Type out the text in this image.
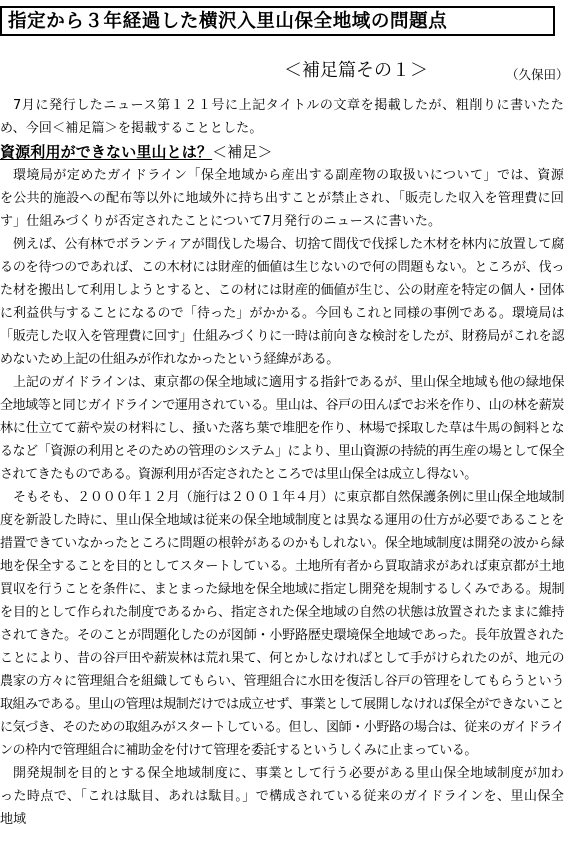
指定から３年経過した横沢入里山保全地域の問題点
＜補足篇その１＞	（久保田）

7月に発行したニュース第１２１号に上記タイトルの文章を掲載したが、粗削りに書いたため、今回＜補足篇＞を掲載することとした。

資源利用ができない里山とは？＜補足＞

環境局が定めたガイドライン「保全地域から産出する副産物の取扱いについて」では、資源を公共的施設への配布等以外に地域外に持ち出すことが禁止され、「販売した収入を管理費に回す」仕組みづくりが否定されたことについて7月発行のニュースに書いた。

例えば、公有林でボランティアが間伐した場合、切捨て間伐で伐採した木材を林内に放置して腐るのを待つのであれば、この木材には財産的価値は生じないので何の問題もない。ところが、伐った材を搬出して利用しようとすると、この材には財産的価値が生じ、公の財産を特定の個人・団体に利益供与することになるので「待った」がかかる。今回もこれと同様の事例である。環境局は「販売した収入を管理費に回す」仕組みづくりに一時は前向きな検討をしたが、財務局がこれを認めないため上記の仕組みが作れなかったという経緯がある。

上記のガイドラインは、東京都の保全地域に適用する指針であるが、里山保全地域も他の緑地保全地域等と同じガイドラインで運用されている。里山は、谷戸の田んぼでお米を作り、山の林を薪炭林に仕立てて薪や炭の材料にし、掻いた落ち葉で堆肥を作り、林場で採取した草は牛馬の飼料となるなど「資源の利用とそのための管理のシステム」により、里山資源の持続的再生産の場として保全されてきたものである。資源利用が否定されたところでは里山保全は成立し得ない。

そもそも、２０００年１２月（施行は２００１年４月）に東京都自然保護条例に里山保全地域制度を新設した時に、里山保全地域は従来の保全地域制度とは異なる運用の仕方が必要であることを措置できていなかったところに問題の根幹があるのかもしれない。保全地域制度は開発の波から緑地を保全することを目的としてスタートしている。土地所有者から買取請求があれば東京都が土地買収を行うことを条件に、まとまった緑地を保全地域に指定し開発を規制するしくみである。規制を目的として作られた制度であるから、指定された保全地域の自然の状態は放置されたままに維持されてきた。そのことが問題化したのが図師・小野路歴史環境保全地域であった。長年放置されたことにより、昔の谷戸田や薪炭林は荒れ果て、何とかしなければとして手がけられたのが、地元の農家の方々に管理組合を組織してもらい、管理組合に水田を復活し谷戸の管理をしてもらうという取組みである。里山の管理は規制だけでは成立せず、事業として展開しなければ保全ができないことに気づき、そのための取組みがスタートしている。但し、図師・小野路の場合は、従来のガイドラインの枠内で管理組合に補助金を付けて管理を委託するというしくみに止まっている。

開発規制を目的とする保全地域制度に、事業として行う必要がある里山保全地域制度が加わった時点で、「これは駄目、あれは駄目。」で構成されている従来のガイドラインを、里山保全地域
